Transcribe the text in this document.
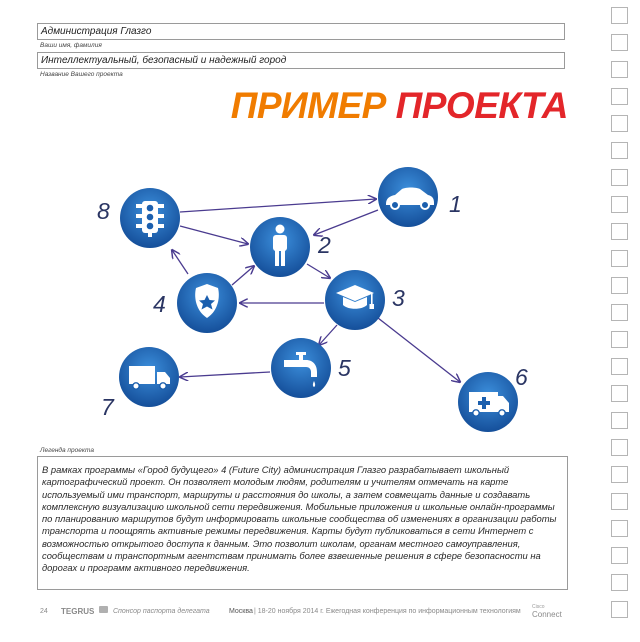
Администрация Глазго
Ваши имя, фамилия
Интеллектуальный, безопасный и надежный город
Название Вашего проекта
ПРИМЕР ПРОЕКТА
8	1
2
3
4
5	6
7
Легенда проекта
В рамках программы «Город будущего» 4 (Future City) администрация Глазго разрабатывает школьный картографический проект. Он позволяет молодым людям, родителям и учителям отмечать на карте используемый ими транспорт, маршруты и расстояния до школы, а затем совмещать данные и создавать комплексную визуализацию школьной сети передвижения. Мобильные приложения и школьные онлайн-программы по планированию маршрутов будут информировать школьные сообщества об изменениях в организации работы транспорта и поощрять активные режимы передвижения. Карты будут публиковаться в сети Интернет с возможностью открытого доступа к данным. Это позволит школам, органам местного самоуправления, сообществам и транспортным агентствам принимать более взвешенные решения в сфере безопасности на дорогах и программ активного передвижения.
24 TEGRUS	Спонсор паспорта делегата	Москва | 18-20 ноября 2014 г. Ежегодная конференция по информационным технологиям
Cisco
Connect
